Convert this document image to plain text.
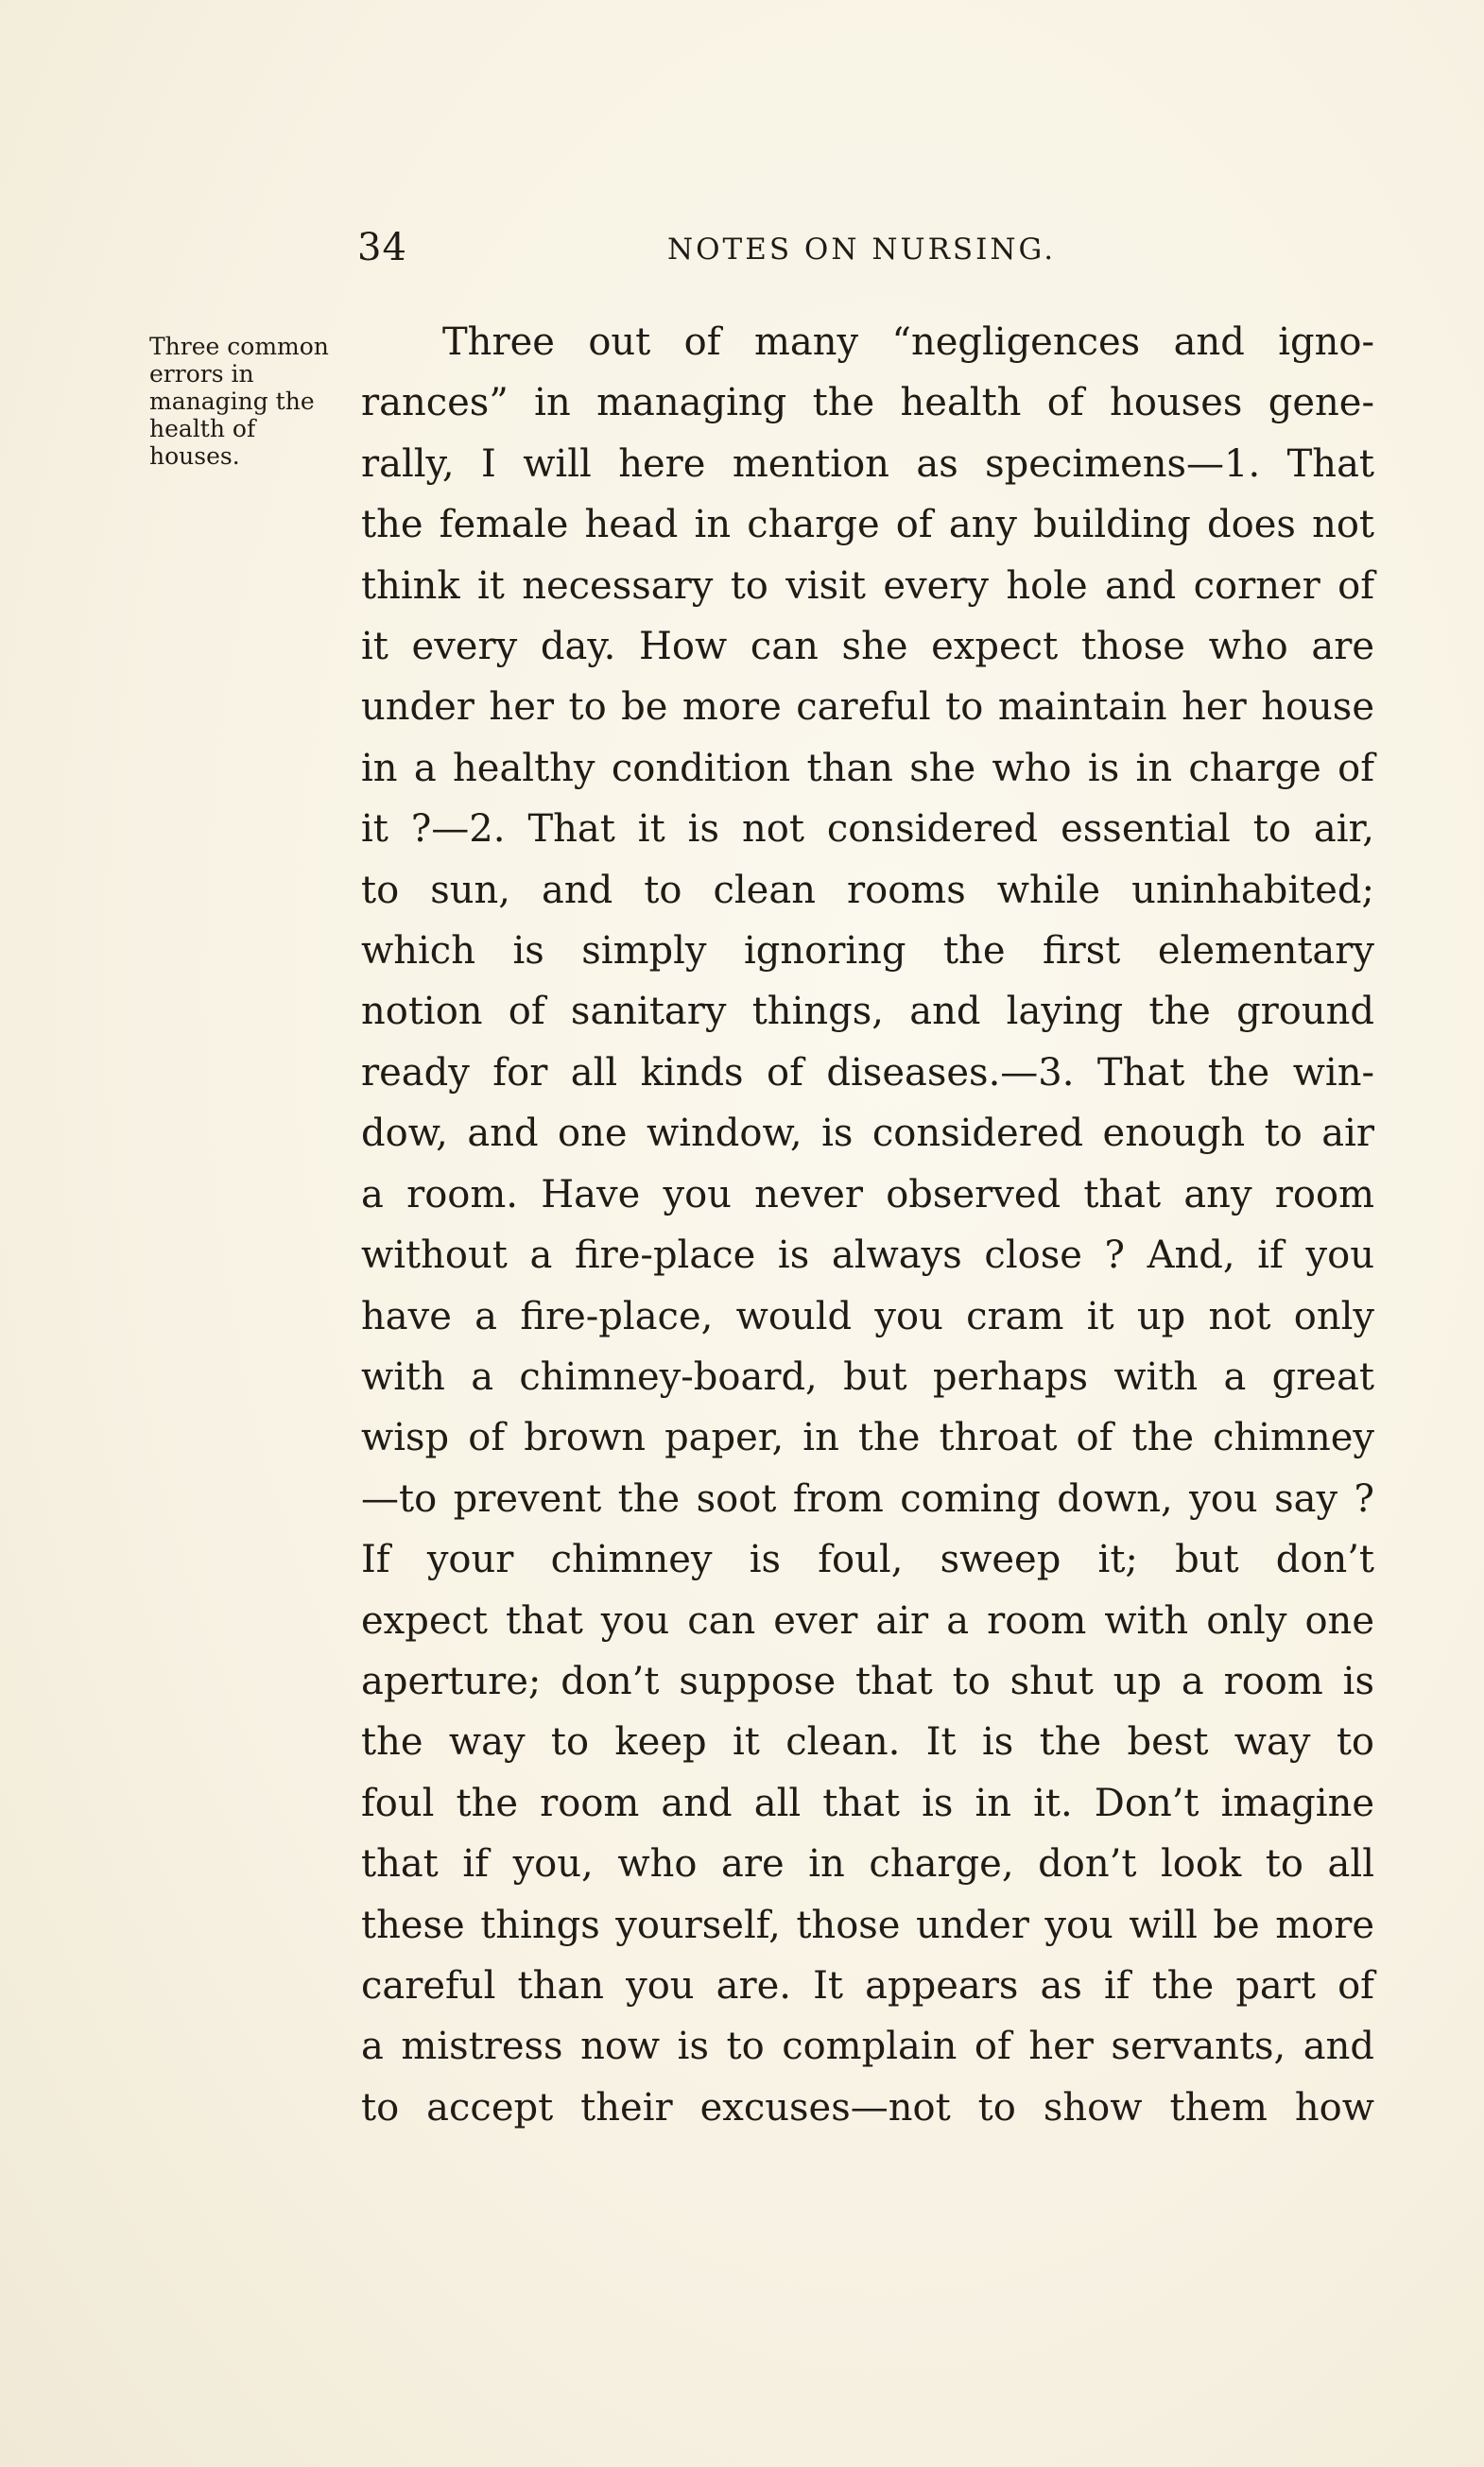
34	NOTES ON NURSING.
Three common
errors in
managing the
health of
houses.
Three out of many “negligences and igno-
rances” in managing the health of houses gene-
rally, I will here mention as specimens—1. That
the female head in charge of any building does not
think it necessary to visit every hole and corner of
it every day. How can she expect those who are
under her to be more careful to maintain her house
in a healthy condition than she who is in charge of
it ?—2. That it is not considered essential to air,
to sun, and to clean rooms while uninhabited;
which is simply ignoring the first elementary
notion of sanitary things, and laying the ground
ready for all kinds of diseases.—3. That the win-
dow, and one window, is considered enough to air
a room. Have you never observed that any room
without a fire-place is always close ? And, if you
have a fire-place, would you cram it up not only
with a chimney-board, but perhaps with a great
wisp of brown paper, in the throat of the chimney
—to prevent the soot from coming down, you say ?
If your chimney is foul, sweep it; but don’t
expect that you can ever air a room with only one
aperture; don’t suppose that to shut up a room is
the way to keep it clean. It is the best way to
foul the room and all that is in it. Don’t imagine
that if you, who are in charge, don’t look to all
these things yourself, those under you will be more
careful than you are. It appears as if the part of
a mistress now is to complain of her servants, and
to accept their excuses—not to show them how
